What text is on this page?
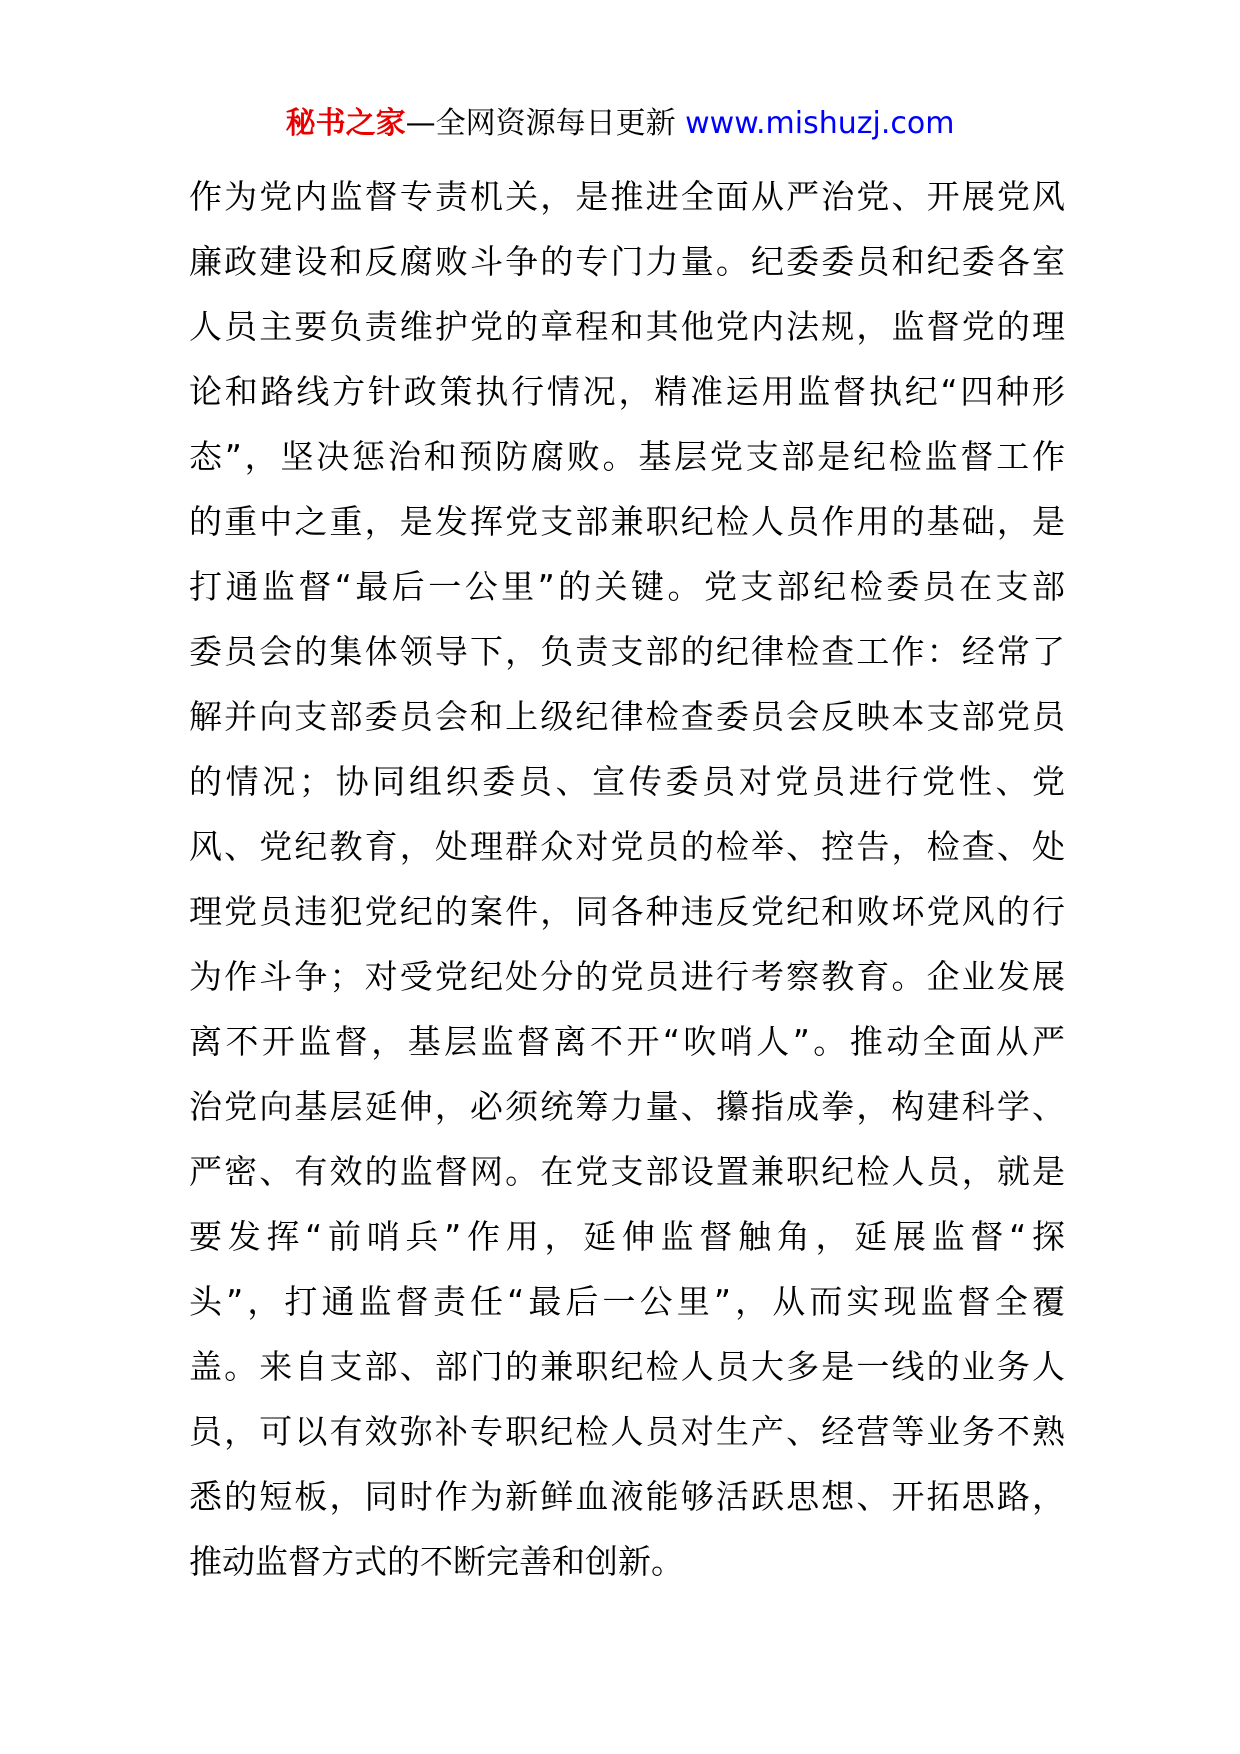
秘书之家—全网资源每日更新 www.mishuzj.com
作为党内监督专责机关，是推进全面从严治党、开展党风
廉政建设和反腐败斗争的专门力量。纪委委员和纪委各室
人员主要负责维护党的章程和其他党内法规，监督党的理
论和路线方针政策执行情况，精准运用监督执纪“四种形
态”，坚决惩治和预防腐败。基层党支部是纪检监督工作
的重中之重，是发挥党支部兼职纪检人员作用的基础，是
打通监督“最后一公里”的关键。党支部纪检委员在支部
委员会的集体领导下，负责支部的纪律检查工作：经常了
解并向支部委员会和上级纪律检查委员会反映本支部党员
的情况；协同组织委员、宣传委员对党员进行党性、党
风、党纪教育，处理群众对党员的检举、控告，检查、处
理党员违犯党纪的案件，同各种违反党纪和败坏党风的行
为作斗争；对受党纪处分的党员进行考察教育。企业发展
离不开监督，基层监督离不开“吹哨人”。推动全面从严
治党向基层延伸，必须统筹力量、攥指成拳，构建科学、
严密、有效的监督网。在党支部设置兼职纪检人员，就是
要发挥“前哨兵”作用，延伸监督触角，延展监督“探
头”，打通监督责任“最后一公里”，从而实现监督全覆
盖。来自支部、部门的兼职纪检人员大多是一线的业务人
员，可以有效弥补专职纪检人员对生产、经营等业务不熟
悉的短板，同时作为新鲜血液能够活跃思想、开拓思路，
推动监督方式的不断完善和创新。
